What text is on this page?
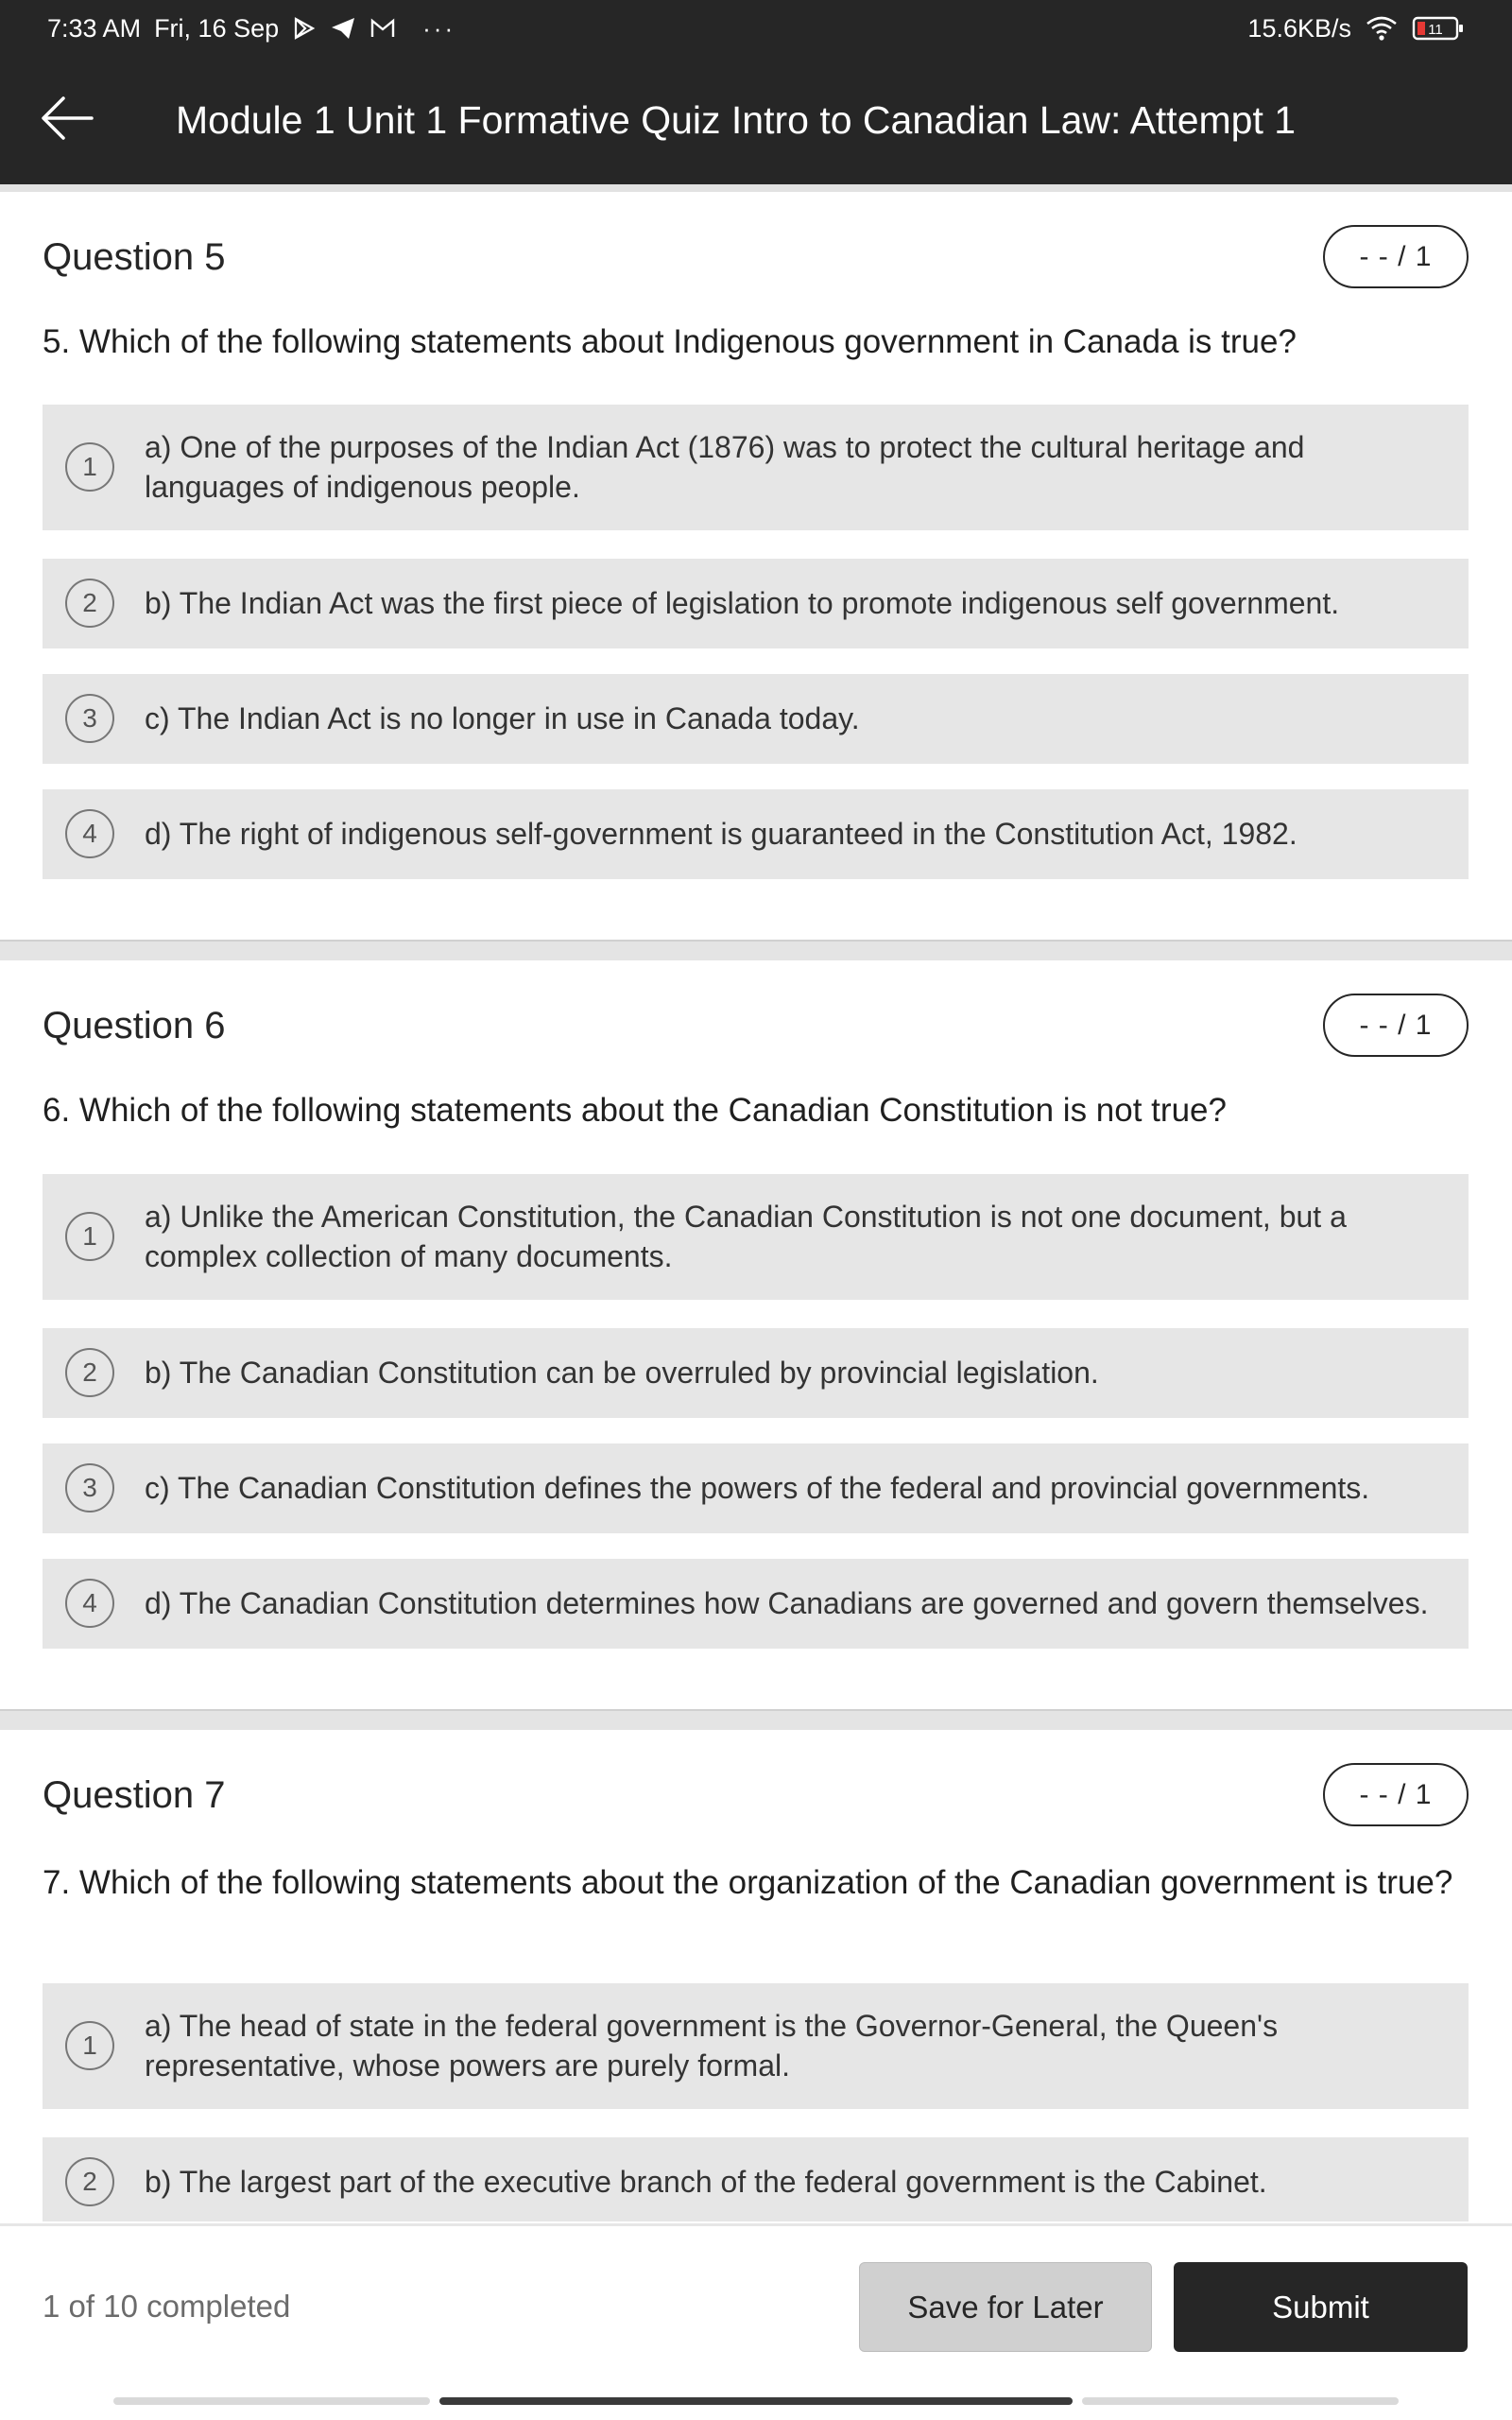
7:33 AM Fri, 16 Sep	···	15.6KB/s	11
Module 1 Unit 1 Formative Quiz Intro to Canadian Law: Attempt 1
Question 5	- - / 1
5. Which of the following statements about Indigenous government in Canada is true?
1
a) One of the purposes of the Indian Act (1876) was to protect the cultural heritage and languages of indigenous people.
2	b) The Indian Act was the first piece of legislation to promote indigenous self government.
3	c) The Indian Act is no longer in use in Canada today.
4	d) The right of indigenous self-government is guaranteed in the Constitution Act, 1982.
Question 6	- - / 1
6. Which of the following statements about the Canadian Constitution is not true?
1
a) Unlike the American Constitution, the Canadian Constitution is not one document, but a complex collection of many documents.
2	b) The Canadian Constitution can be overruled by provincial legislation.
3	c) The Canadian Constitution defines the powers of the federal and provincial governments.
4	d) The Canadian Constitution determines how Canadians are governed and govern themselves.
Question 7	- - / 1
7. Which of the following statements about the organization of the Canadian government is true?
1
a) The head of state in the federal government is the Governor-General, the Queen's representative, whose powers are purely formal.
2	b) The largest part of the executive branch of the federal government is the Cabinet.
1 of 10 completed	Save for Later	Submit
